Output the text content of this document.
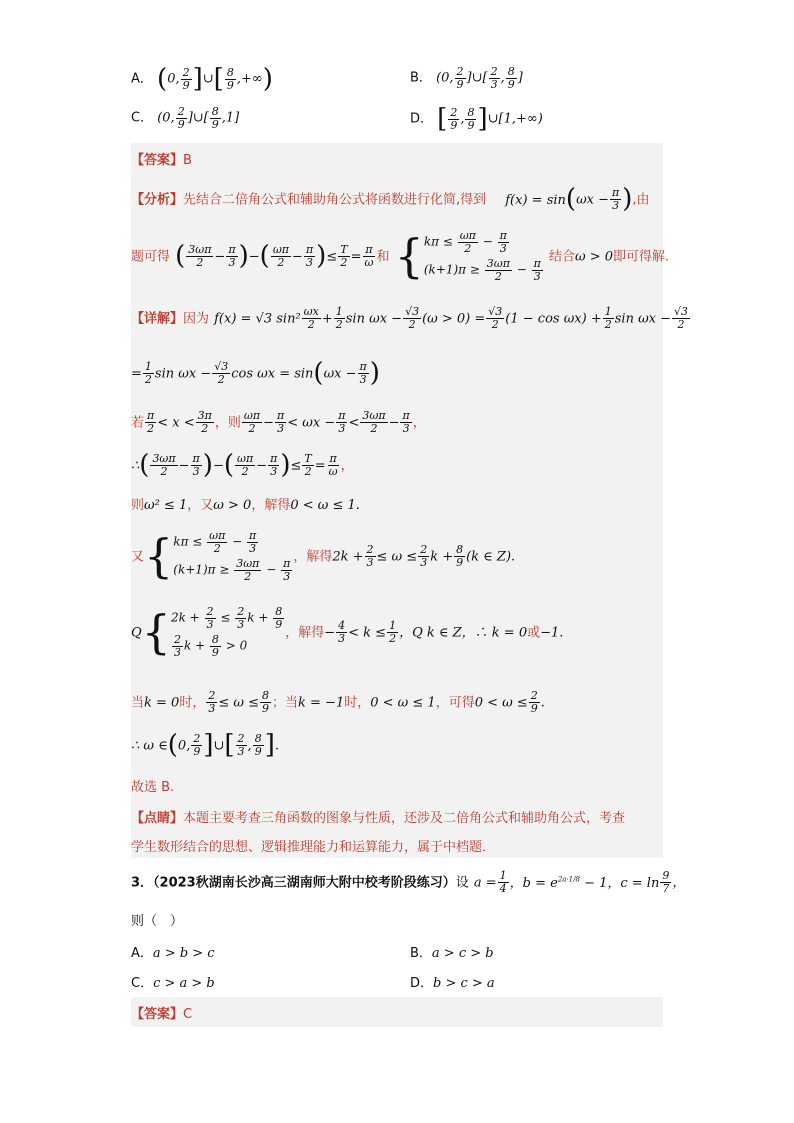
A． (0, $\frac{2}{9}$ ]∪[ $\frac{8}{9}$ ,+∞)	B． (0, $\frac{2}{9}$ ]∪[ $\frac{2}{3}$ , $\frac{8}{9}$ ]
C． (0, $\frac{2}{9}$ ]∪[ $\frac{8}{9} ,1$]	D． [ $\frac{2}{9}$ , $\frac{8}{9}$ ]∪[1,+∞)
【答案】B
【分析】先结合二倍角公式和辅助角公式将函数进行化简,得到 $f(x) = \sin(\omega x - \frac{\pi}{3}$ ),由
题可得 ( $\frac{3\omega\pi}{2} - \frac{\pi}{3}$ )−( $\frac{\omega\pi}{2} - \frac{\pi}{3}$ )≤ $\frac{T}{2} = \frac{\pi}{\omega}$ 和 { $k\pi \le \frac{\omega\pi}{2} - \frac{\pi}{3}$
$(k+1)\pi \ge \frac{3\omega\pi}{2} - \frac{\pi}{3}$
结合ω > 0即可得解.
【详解】因为 f(x) = √3 $\sin^2 \frac{\omega x}{2} + \frac{1}{2}$ $\sin \omega x - \frac{√3}{2} (\omega > 0) = \frac{√3}{2} (1 - \cos \omega x) + \frac{1}{2}$ $\sin \omega x - \frac{√3}{2}$
= $\frac{1}{2}$ $\sin \omega x - \frac{√3}{2}$ $\cos \omega x = \sin(\omega x - \frac{\pi}{3}$ )
若 $\frac{\pi}{2} < x < \frac{3\pi}{2}$ ，则 $\frac{\omega\pi}{2} - \frac{\pi}{3} < \omega x - \frac{\pi}{3} < \frac{3\omega\pi}{2} - \frac{\pi}{3}$ ，
∴( $\frac{3\omega\pi}{2} - \frac{\pi}{3}$ )−( $\frac{\omega\pi}{2} - \frac{\pi}{3}$ )≤ $\frac{T}{2} = \frac{\pi}{\omega}$ ，
则ω² ≤ 1，又ω > 0，解得0 < ω ≤ 1.
又{ $k\pi \le \frac{\omega\pi}{2} - \frac{\pi}{3}$
$(k+1)\pi \ge \frac{3\omega\pi}{2} - \frac{\pi}{3}$
，解得$2k + \frac{2}{3} \le \omega \le \frac{2}{3}$ $k + \frac{8}{9} (k$ ∈ Z).
Q{ $2k + \frac{2}{3} \le \frac{2}{3}$ $k + \frac{8}{9}$
$\frac{2}{3}$ $k + \frac{8}{9} > 0$
，解得− $\frac{4}{3} < k \le \frac{1}{2}$ ，Q k ∈ Z，∴ k = 0或−1.
当k = 0时， $\frac{2}{3} \le \omega \le \frac{8}{9}$ ；当k = −1时，0 < ω ≤ 1，可得$0 < \omega \le \frac{2}{9}$ .
∴ ω ∈(0, $\frac{2}{9}$ ]∪[ $\frac{2}{3}$ , $\frac{8}{9}$ ].
故选 B.
【点睛】本题主要考查三角函数的图象与性质，还涉及二倍角公式和辅助角公式，考查
学生数形结合的思想、逻辑推理能力和运算能力，属于中档题．
3．（2023秋湖南长沙高三湖南师大附中校考阶段练习）设 $a = \frac{1}{4}$ ，$b = e^{2a\cdot 1/8} - 1$，$c = \ln \frac{9}{7}$ ，
则（　）
A．a > b > c	B．a > c > b
C．c > a > b	D．b > c > a
【答案】C
